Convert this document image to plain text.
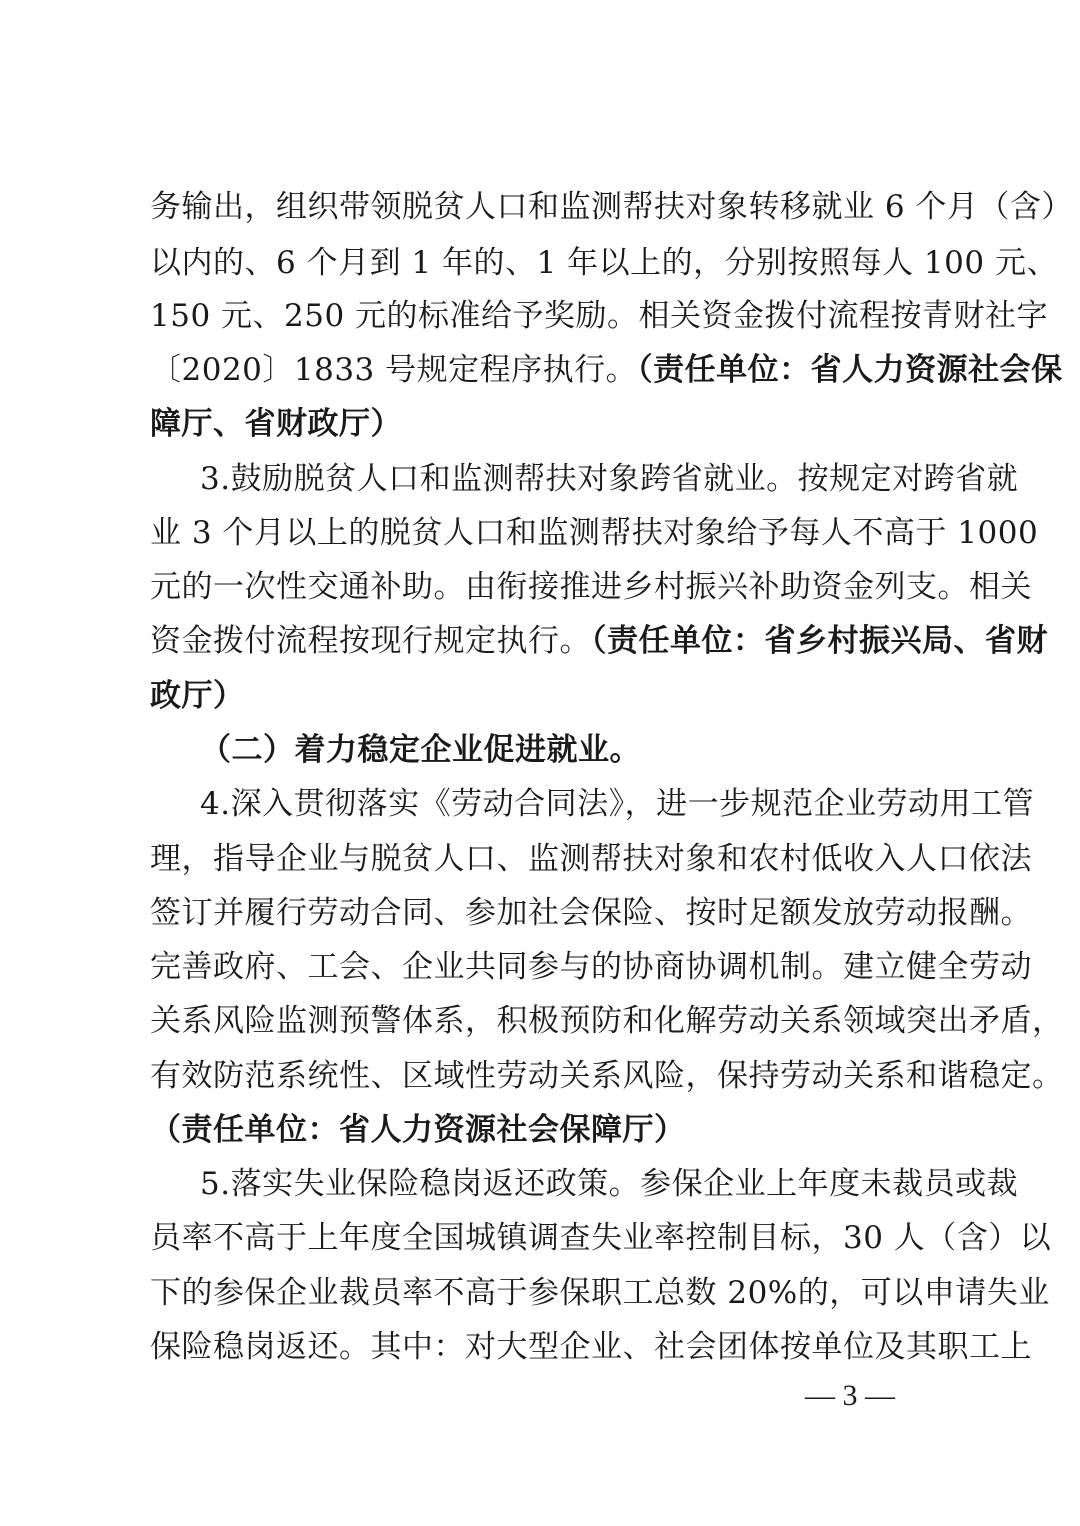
务输出，组织带领脱贫人口和监测帮扶对象转移就业 6 个月（含）
以内的、6 个月到 1 年的、1 年以上的，分别按照每人 100 元、
150 元、250 元的标准给予奖励。相关资金拨付流程按青财社字
〔2020〕1833 号规定程序执行。（责任单位：省人力资源社会保
障厅、省财政厅）
3.鼓励脱贫人口和监测帮扶对象跨省就业。按规定对跨省就
业 3 个月以上的脱贫人口和监测帮扶对象给予每人不高于 1000
元的一次性交通补助。由衔接推进乡村振兴补助资金列支。相关
资金拨付流程按现行规定执行。（责任单位：省乡村振兴局、省财
政厅）
（二）着力稳定企业促进就业。
4.深入贯彻落实《劳动合同法》，进一步规范企业劳动用工管
理，指导企业与脱贫人口、监测帮扶对象和农村低收入人口依法
签订并履行劳动合同、参加社会保险、按时足额发放劳动报酬。
完善政府、工会、企业共同参与的协商协调机制。建立健全劳动
关系风险监测预警体系，积极预防和化解劳动关系领域突出矛盾，
有效防范系统性、区域性劳动关系风险，保持劳动关系和谐稳定。
（责任单位：省人力资源社会保障厅）
5.落实失业保险稳岗返还政策。参保企业上年度未裁员或裁
员率不高于上年度全国城镇调查失业率控制目标，30 人（含）以
下的参保企业裁员率不高于参保职工总数 20%的，可以申请失业
保险稳岗返还。其中：对大型企业、社会团体按单位及其职工上
— 3 —
